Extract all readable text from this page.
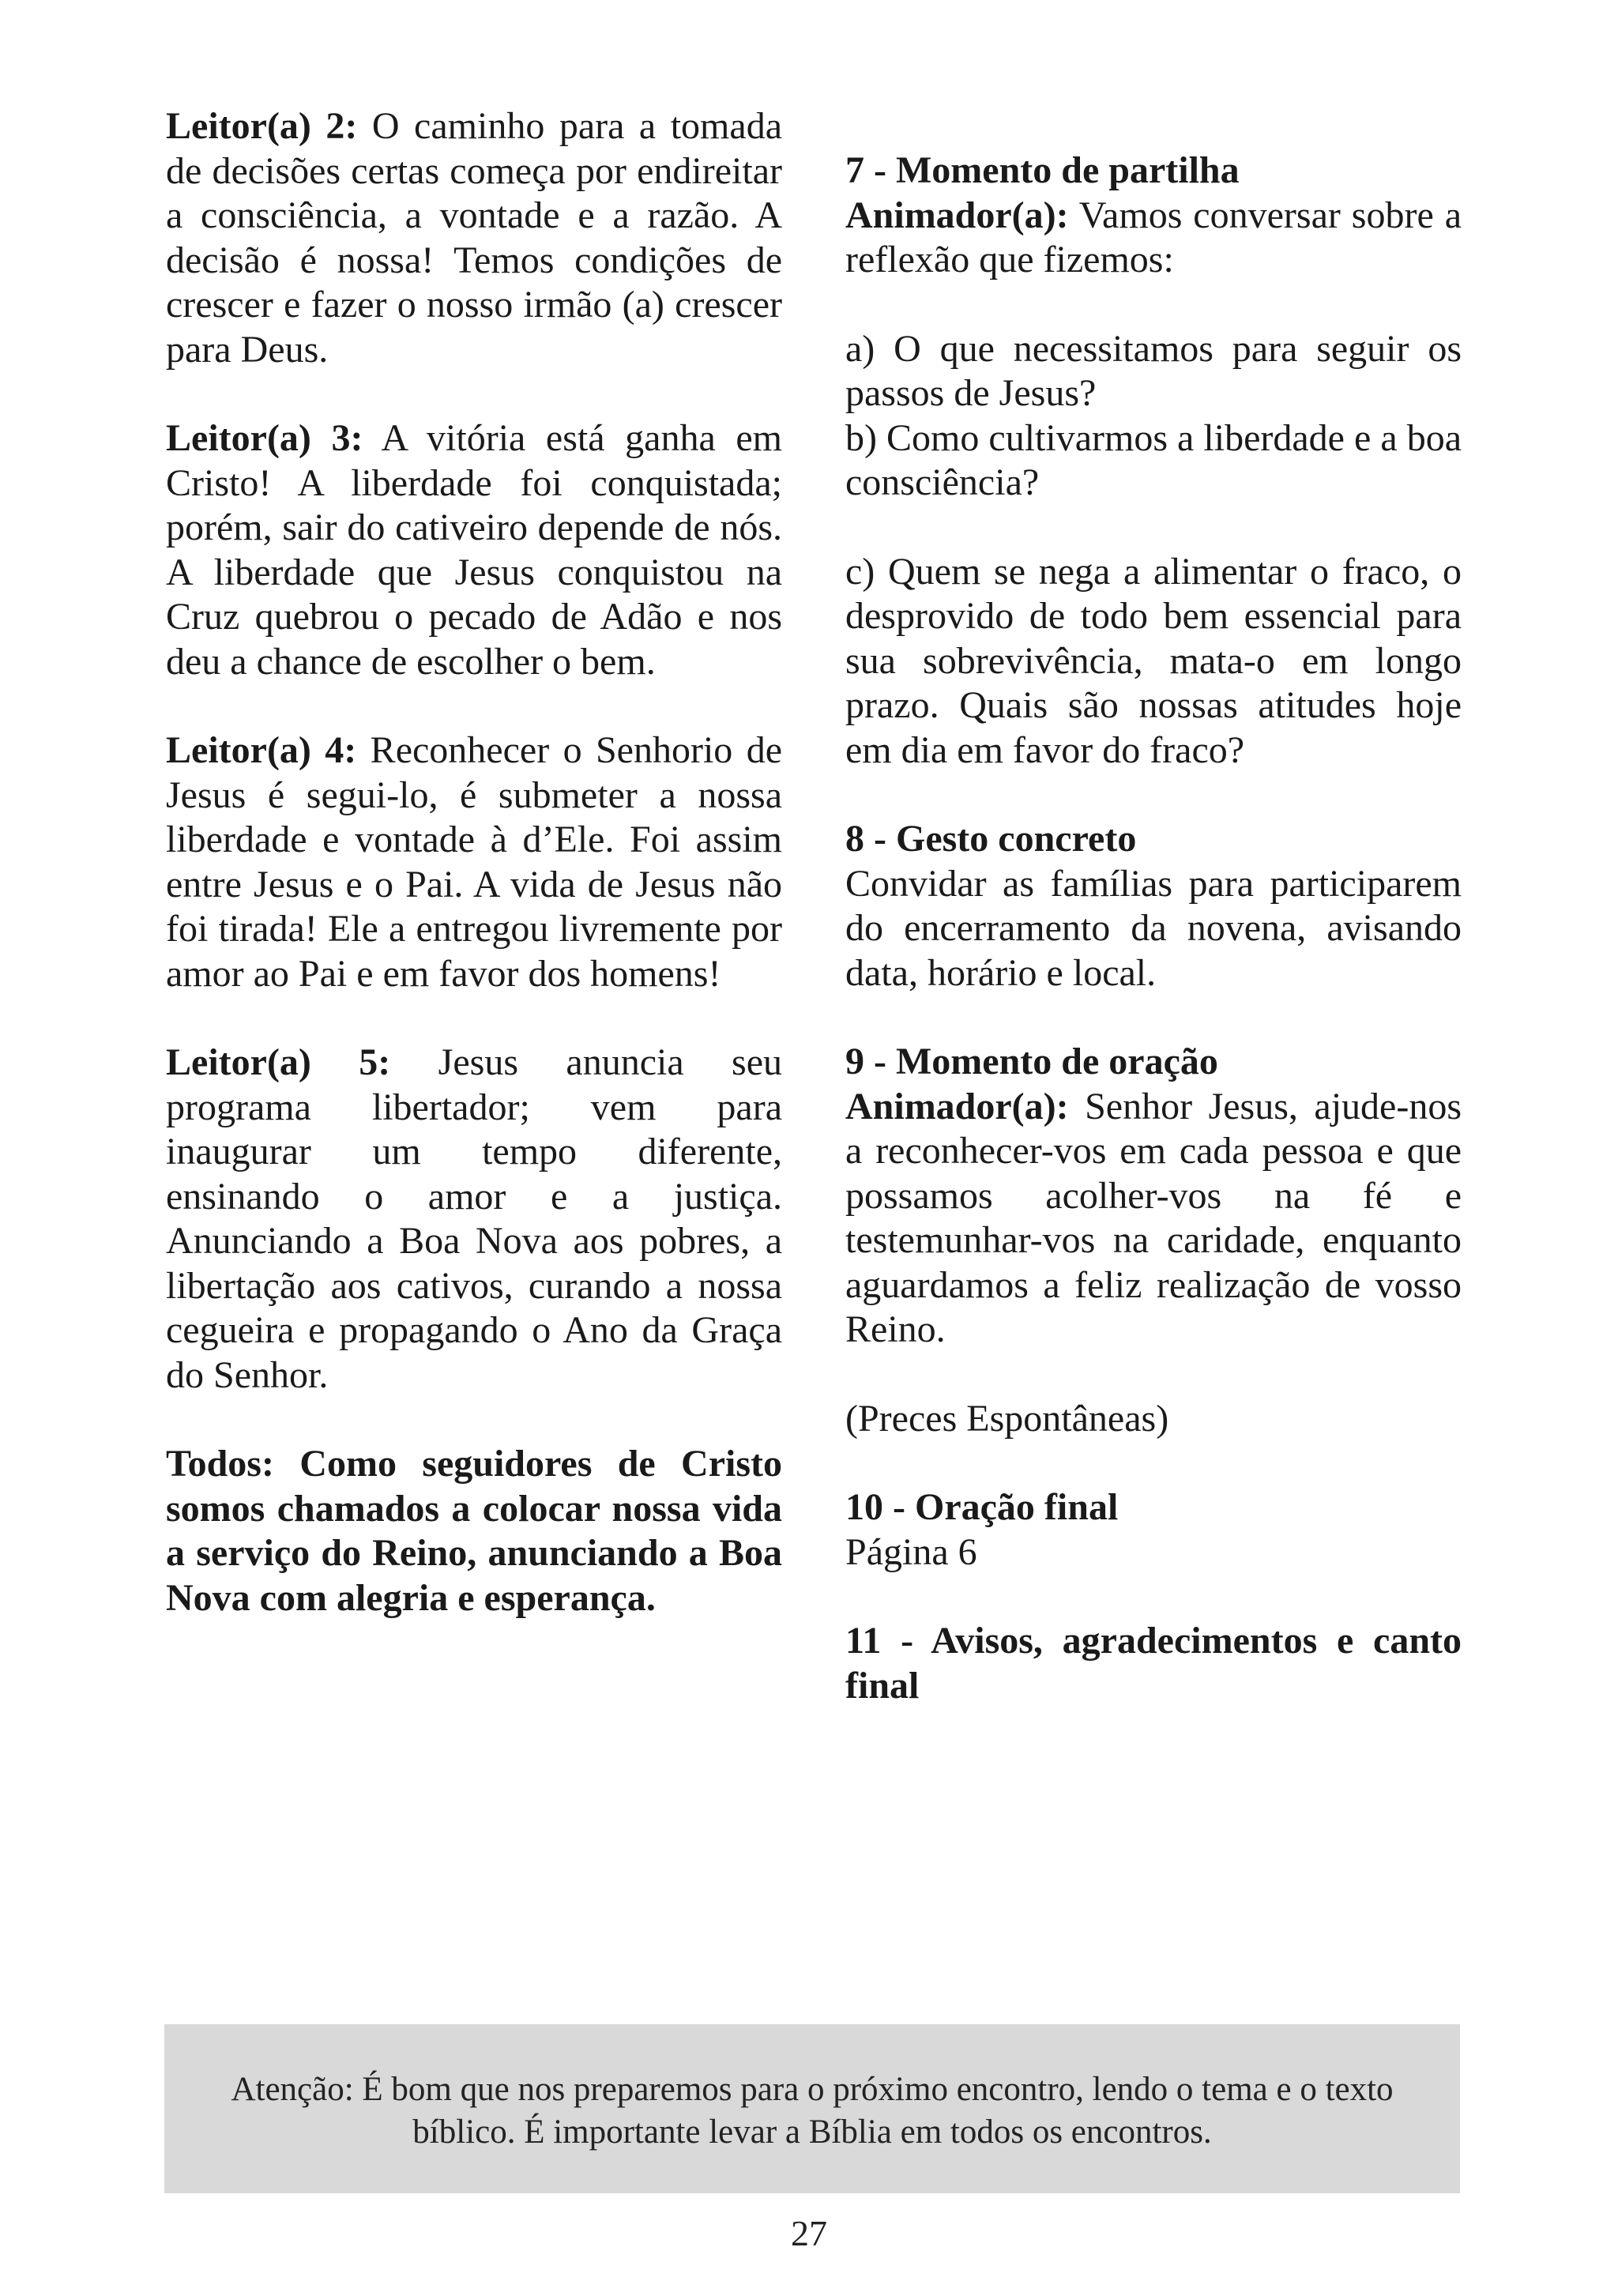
Leitor(a) 2: O caminho para a tomada de decisões certas começa por endireitar a consciência, a vontade e a razão. A decisão é nossa! Temos condições de crescer e fazer o nosso irmão (a) crescer para Deus.

Leitor(a) 3: A vitória está ganha em Cristo! A liberdade foi conquistada; porém, sair do cativeiro depende de nós. A liberdade que Jesus conquistou na Cruz quebrou o pecado de Adão e nos deu a chance de escolher o bem.

Leitor(a) 4: Reconhecer o Senhorio de Jesus é segui-lo, é submeter a nossa liberdade e vontade à d’Ele. Foi assim entre Jesus e o Pai. A vida de Jesus não foi tirada! Ele a entregou livremente por amor ao Pai e em favor dos homens!

Leitor(a) 5: Jesus anuncia seu programa libertador; vem para inaugurar um tempo diferente, ensinando o amor e a justiça. Anunciando a Boa Nova aos pobres, a libertação aos cativos, curando a nossa cegueira e propagando o Ano da Graça do Senhor.

Todos: Como seguidores de Cristo somos chamados a colocar nossa vida a serviço do Reino, anunciando a Boa Nova com alegria e esperança.

7 - Momento de partilha
Animador(a): Vamos conversar sobre a reflexão que fizemos:

a) O que necessitamos para seguir os passos de Jesus?

b) Como cultivarmos a liberdade e a boa consciência?

c) Quem se nega a alimentar o fraco, o desprovido de todo bem essencial para sua sobrevivência, mata-o em longo prazo. Quais são nossas atitudes hoje em dia em favor do fraco?

8 - Gesto concreto
Convidar as famílias para participarem do encerramento da novena, avisando data, horário e local.

9 - Momento de oração
Animador(a): Senhor Jesus, ajude-nos a reconhecer-vos em cada pessoa e que possamos acolher-vos na fé e testemunhar-vos na caridade, enquanto aguardamos a feliz realização de vosso Reino.

(Preces Espontâneas)

10 - Oração final
Página 6

11 - Avisos, agradecimentos e canto final

Atenção: É bom que nos preparemos para o próximo encontro, lendo o tema e o texto bíblico. É importante levar a Bíblia em todos os encontros.
27
